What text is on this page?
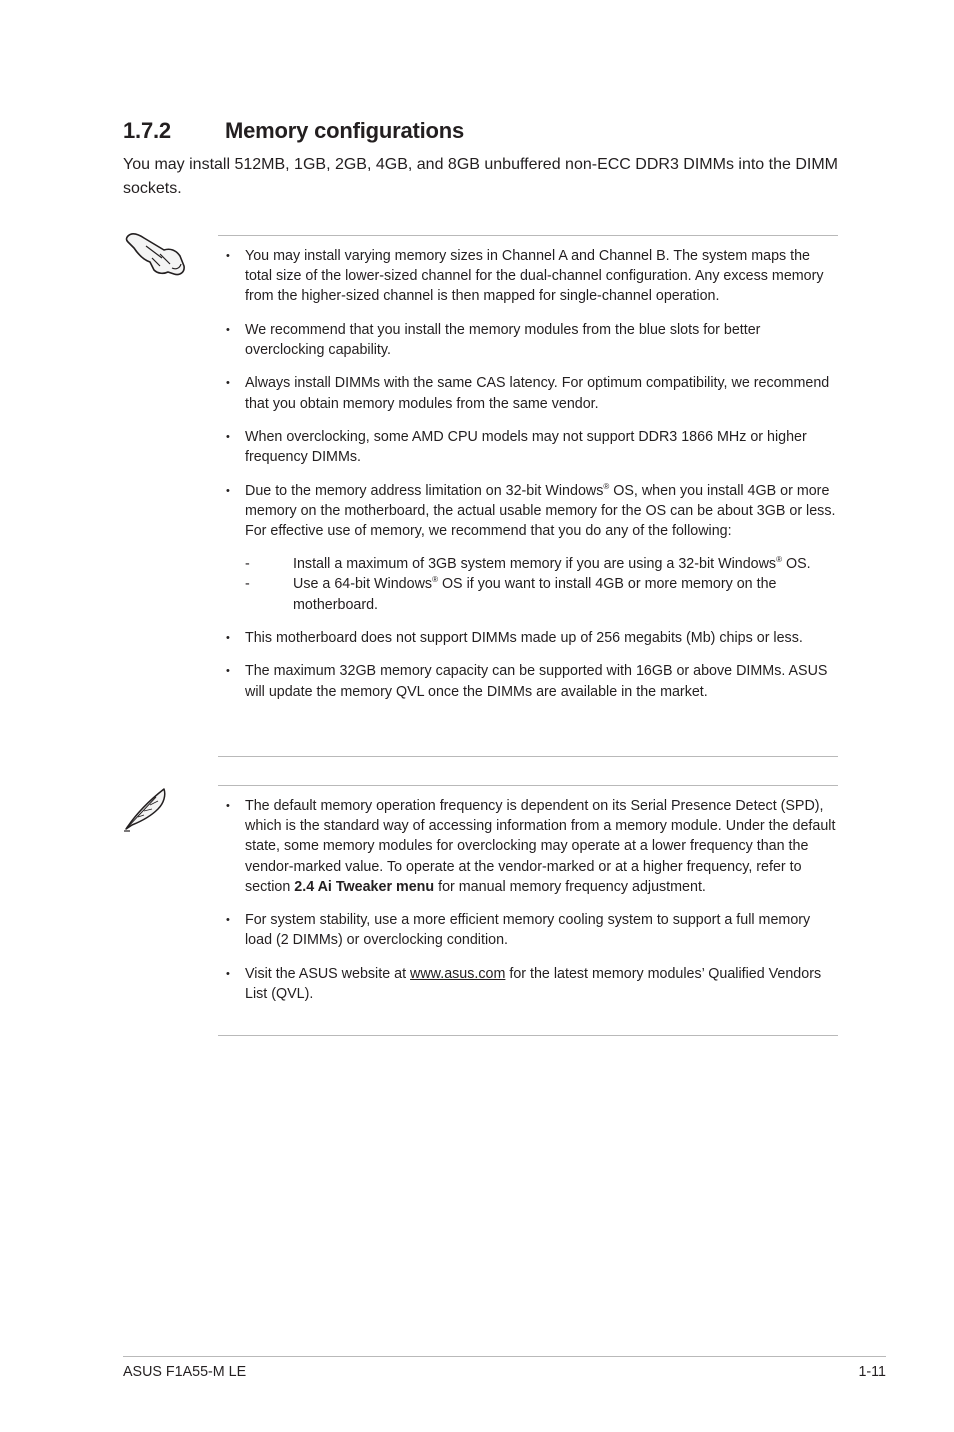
1.7.2	Memory configurations
You may install 512MB, 1GB, 2GB, 4GB, and 8GB unbuffered non-ECC DDR3 DIMMs into the DIMM sockets.
• You may install varying memory sizes in Channel A and Channel B. The system maps the total size of the lower-sized channel for the dual-channel configuration. Any excess memory from the higher-sized channel is then mapped for single-channel operation.
• We recommend that you install the memory modules from the blue slots for better overclocking capability.
• Always install DIMMs with the same CAS latency. For optimum compatibility, we recommend that you obtain memory modules from the same vendor.
• When overclocking, some AMD CPU models may not support DDR3 1866 MHz or higher frequency DIMMs.
• Due to the memory address limitation on 32-bit Windows® OS, when you install 4GB or more memory on the motherboard, the actual usable memory for the OS can be about 3GB or less. For effective use of memory, we recommend that you do any of the following:
- Install a maximum of 3GB system memory if you are using a 32-bit Windows® OS.
- Use a 64-bit Windows® OS if you want to install 4GB or more memory on the motherboard.
• This motherboard does not support DIMMs made up of 256 megabits (Mb) chips or less.
• The maximum 32GB memory capacity can be supported with 16GB or above DIMMs. ASUS will update the memory QVL once the DIMMs are available in the market.
• The default memory operation frequency is dependent on its Serial Presence Detect (SPD), which is the standard way of accessing information from a memory module. Under the default state, some memory modules for overclocking may operate at a lower frequency than the vendor-marked value. To operate at the vendor-marked or at a higher frequency, refer to section 2.4 Ai Tweaker menu for manual memory frequency adjustment.
• For system stability, use a more efficient memory cooling system to support a full memory load (2 DIMMs) or overclocking condition.
• Visit the ASUS website at www.asus.com for the latest memory modules’ Qualified Vendors List (QVL).
ASUS F1A55-M LE	1-11
